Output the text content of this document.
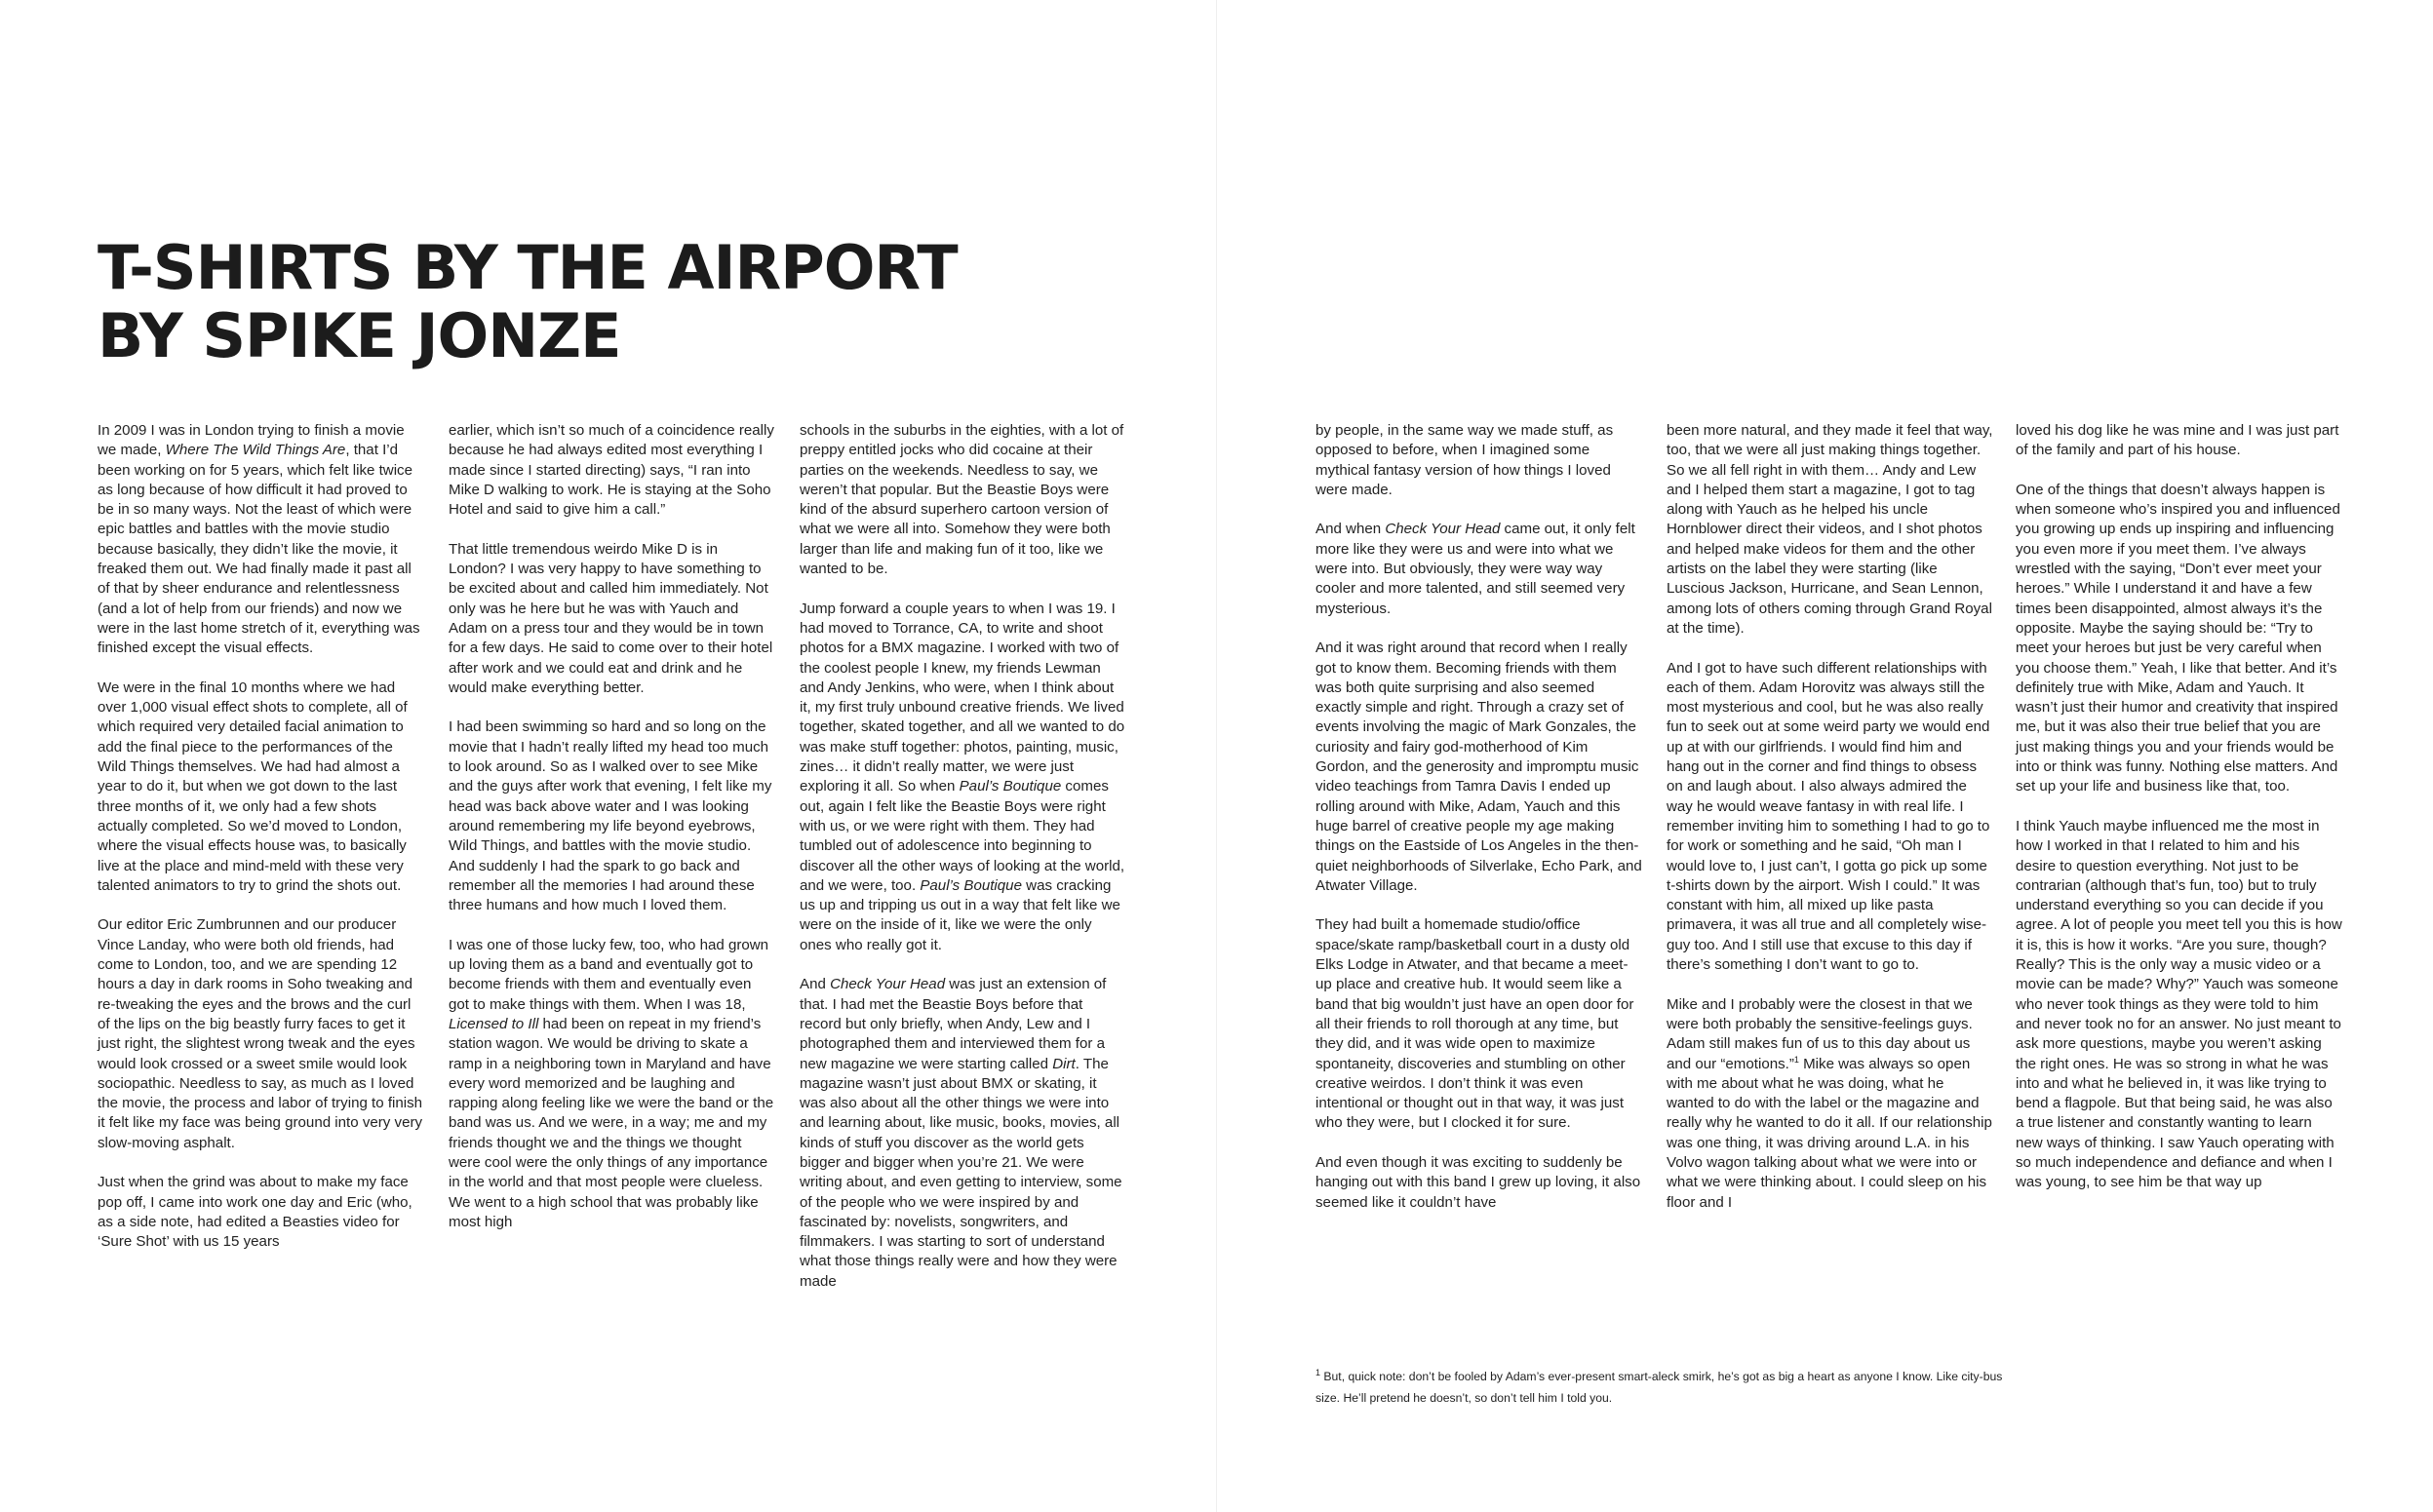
T-SHIRTS BY THE AIRPORT
BY SPIKE JONZE

In 2009 I was in London trying to finish a movie we made, Where The Wild Things Are, that I’d been working on for 5 years, which felt like twice as long because of how difficult it had proved to be in so many ways. Not the least of which were epic battles and battles with the movie studio because basically, they didn’t like the movie, it freaked them out. We had finally made it past all of that by sheer endurance and relentlessness (and a lot of help from our friends) and now we were in the last home stretch of it, everything was finished except the visual effects.

We were in the final 10 months where we had over 1,000 visual effect shots to complete, all of which required very detailed facial animation to add the final piece to the performances of the Wild Things themselves. We had had almost a year to do it, but when we got down to the last three months of it, we only had a few shots actually completed. So we’d moved to London, where the visual effects house was, to basically live at the place and mind-meld with these very talented animators to try to grind the shots out.

Our editor Eric Zumbrunnen and our producer Vince Landay, who were both old friends, had come to London, too, and we are spending 12 hours a day in dark rooms in Soho tweaking and re-tweaking the eyes and the brows and the curl of the lips on the big beastly furry faces to get it just right, the slightest wrong tweak and the eyes would look crossed or a sweet smile would look sociopathic. Needless to say, as much as I loved the movie, the process and labor of trying to finish it felt like my face was being ground into very very slow-moving asphalt.

Just when the grind was about to make my face pop off, I came into work one day and Eric (who, as a side note, had edited a Beasties video for ‘Sure Shot’ with us 15 years

earlier, which isn’t so much of a coincidence really because he had always edited most everything I made since I started directing) says, “I ran into Mike D walking to work. He is staying at the Soho Hotel and said to give him a call.”

That little tremendous weirdo Mike D is in London? I was very happy to have something to be excited about and called him immediately. Not only was he here but he was with Yauch and Adam on a press tour and they would be in town for a few days. He said to come over to their hotel after work and we could eat and drink and he would make everything better.

I had been swimming so hard and so long on the movie that I hadn’t really lifted my head too much to look around. So as I walked over to see Mike and the guys after work that evening, I felt like my head was back above water and I was looking around remembering my life beyond eyebrows, Wild Things, and battles with the movie studio. And suddenly I had the spark to go back and remember all the memories I had around these three humans and how much I loved them.

I was one of those lucky few, too, who had grown up loving them as a band and eventually got to become friends with them and eventually even got to make things with them. When I was 18, Licensed to Ill had been on repeat in my friend’s station wagon. We would be driving to skate a ramp in a neighboring town in Maryland and have every word memorized and be laughing and rapping along feeling like we were the band or the band was us. And we were, in a way; me and my friends thought we and the things we thought were cool were the only things of any importance in the world and that most people were clueless. We went to a high school that was probably like most high

schools in the suburbs in the eighties, with a lot of preppy entitled jocks who did cocaine at their parties on the weekends. Needless to say, we weren’t that popular. But the Beastie Boys were kind of the absurd superhero cartoon version of what we were all into. Somehow they were both larger than life and making fun of it too, like we wanted to be.

Jump forward a couple years to when I was 19. I had moved to Torrance, CA, to write and shoot photos for a BMX magazine. I worked with two of the coolest people I knew, my friends Lewman and Andy Jenkins, who were, when I think about it, my first truly unbound creative friends. We lived together, skated together, and all we wanted to do was make stuff together: photos, painting, music, zines… it didn’t really matter, we were just exploring it all. So when Paul’s Boutique comes out, again I felt like the Beastie Boys were right with us, or we were right with them. They had tumbled out of adolescence into beginning to discover all the other ways of looking at the world, and we were, too. Paul’s Boutique was cracking us up and tripping us out in a way that felt like we were on the inside of it, like we were the only ones who really got it.

And Check Your Head was just an extension of that. I had met the Beastie Boys before that record but only briefly, when Andy, Lew and I photographed them and interviewed them for a new magazine we were starting called Dirt. The magazine wasn’t just about BMX or skating, it was also about all the other things we were into and learning about, like music, books, movies, all kinds of stuff you discover as the world gets bigger and bigger when you’re 21. We were writing about, and even getting to interview, some of the people who we were inspired by and fascinated by: novelists, songwriters, and filmmakers. I was starting to sort of understand what those things really were and how they were made

by people, in the same way we made stuff, as opposed to before, when I imagined some mythical fantasy version of how things I loved were made.

And when Check Your Head came out, it only felt more like they were us and were into what we were into. But obviously, they were way way cooler and more talented, and still seemed very mysterious.

And it was right around that record when I really got to know them. Becoming friends with them was both quite surprising and also seemed exactly simple and right. Through a crazy set of events involving the magic of Mark Gonzales, the curiosity and fairy god-motherhood of Kim Gordon, and the generosity and impromptu music video teachings from Tamra Davis I ended up rolling around with Mike, Adam, Yauch and this huge barrel of creative people my age making things on the Eastside of Los Angeles in the then-quiet neighborhoods of Silverlake, Echo Park, and Atwater Village.

They had built a homemade studio/office space/skate ramp/basketball court in a dusty old Elks Lodge in Atwater, and that became a meet-up place and creative hub. It would seem like a band that big wouldn’t just have an open door for all their friends to roll thorough at any time, but they did, and it was wide open to maximize spontaneity, discoveries and stumbling on other creative weirdos. I don’t think it was even intentional or thought out in that way, it was just who they were, but I clocked it for sure.

And even though it was exciting to suddenly be hanging out with this band I grew up loving, it also seemed like it couldn’t have

been more natural, and they made it feel that way, too, that we were all just making things together. So we all fell right in with them… Andy and Lew and I helped them start a magazine, I got to tag along with Yauch as he helped his uncle Hornblower direct their videos, and I shot photos and helped make videos for them and the other artists on the label they were starting (like Luscious Jackson, Hurricane, and Sean Lennon, among lots of others coming through Grand Royal at the time).

And I got to have such different relationships with each of them. Adam Horovitz was always still the most mysterious and cool, but he was also really fun to seek out at some weird party we would end up at with our girlfriends. I would find him and hang out in the corner and find things to obsess on and laugh about. I also always admired the way he would weave fantasy in with real life. I remember inviting him to something I had to go to for work or something and he said, “Oh man I would love to, I just can’t, I gotta go pick up some t-shirts down by the airport. Wish I could.” It was constant with him, all mixed up like pasta primavera, it was all true and all completely wise-guy too. And I still use that excuse to this day if there’s something I don’t want to go to.

Mike and I probably were the closest in that we were both probably the sensitive-feelings guys. Adam still makes fun of us to this day about us and our “emotions.”$^1$ Mike was always so open with me about what he was doing, what he wanted to do with the label or the magazine and really why he wanted to do it all. If our relationship was one thing, it was driving around L.A. in his Volvo wagon talking about what we were into or what we were thinking about. I could sleep on his floor and I

loved his dog like he was mine and I was just part of the family and part of his house.

One of the things that doesn’t always happen is when someone who’s inspired you and influenced you growing up ends up inspiring and influencing you even more if you meet them. I’ve always wrestled with the saying, “Don’t ever meet your heroes.” While I understand it and have a few times been disappointed, almost always it’s the opposite. Maybe the saying should be: “Try to meet your heroes but just be very careful when you choose them.” Yeah, I like that better. And it’s definitely true with Mike, Adam and Yauch. It wasn’t just their humor and creativity that inspired me, but it was also their true belief that you are just making things you and your friends would be into or think was funny. Nothing else matters. And set up your life and business like that, too.

I think Yauch maybe influenced me the most in how I worked in that I related to him and his desire to question everything. Not just to be contrarian (although that’s fun, too) but to truly understand everything so you can decide if you agree. A lot of people you meet tell you this is how it is, this is how it works. “Are you sure, though? Really? This is the only way a music video or a movie can be made? Why?” Yauch was someone who never took things as they were told to him and never took no for an answer. No just meant to ask more questions, maybe you weren’t asking the right ones. He was so strong in what he was into and what he believed in, it was like trying to bend a flagpole. But that being said, he was also a true listener and constantly wanting to learn new ways of thinking. I saw Yauch operating with so much independence and defiance and when I was young, to see him be that way up

$^1$ But, quick note: don’t be fooled by Adam’s ever-present smart-aleck smirk, he’s got as big a heart as anyone I know. Like city-bus size. He’ll pretend he doesn’t, so don’t tell him I told you.
